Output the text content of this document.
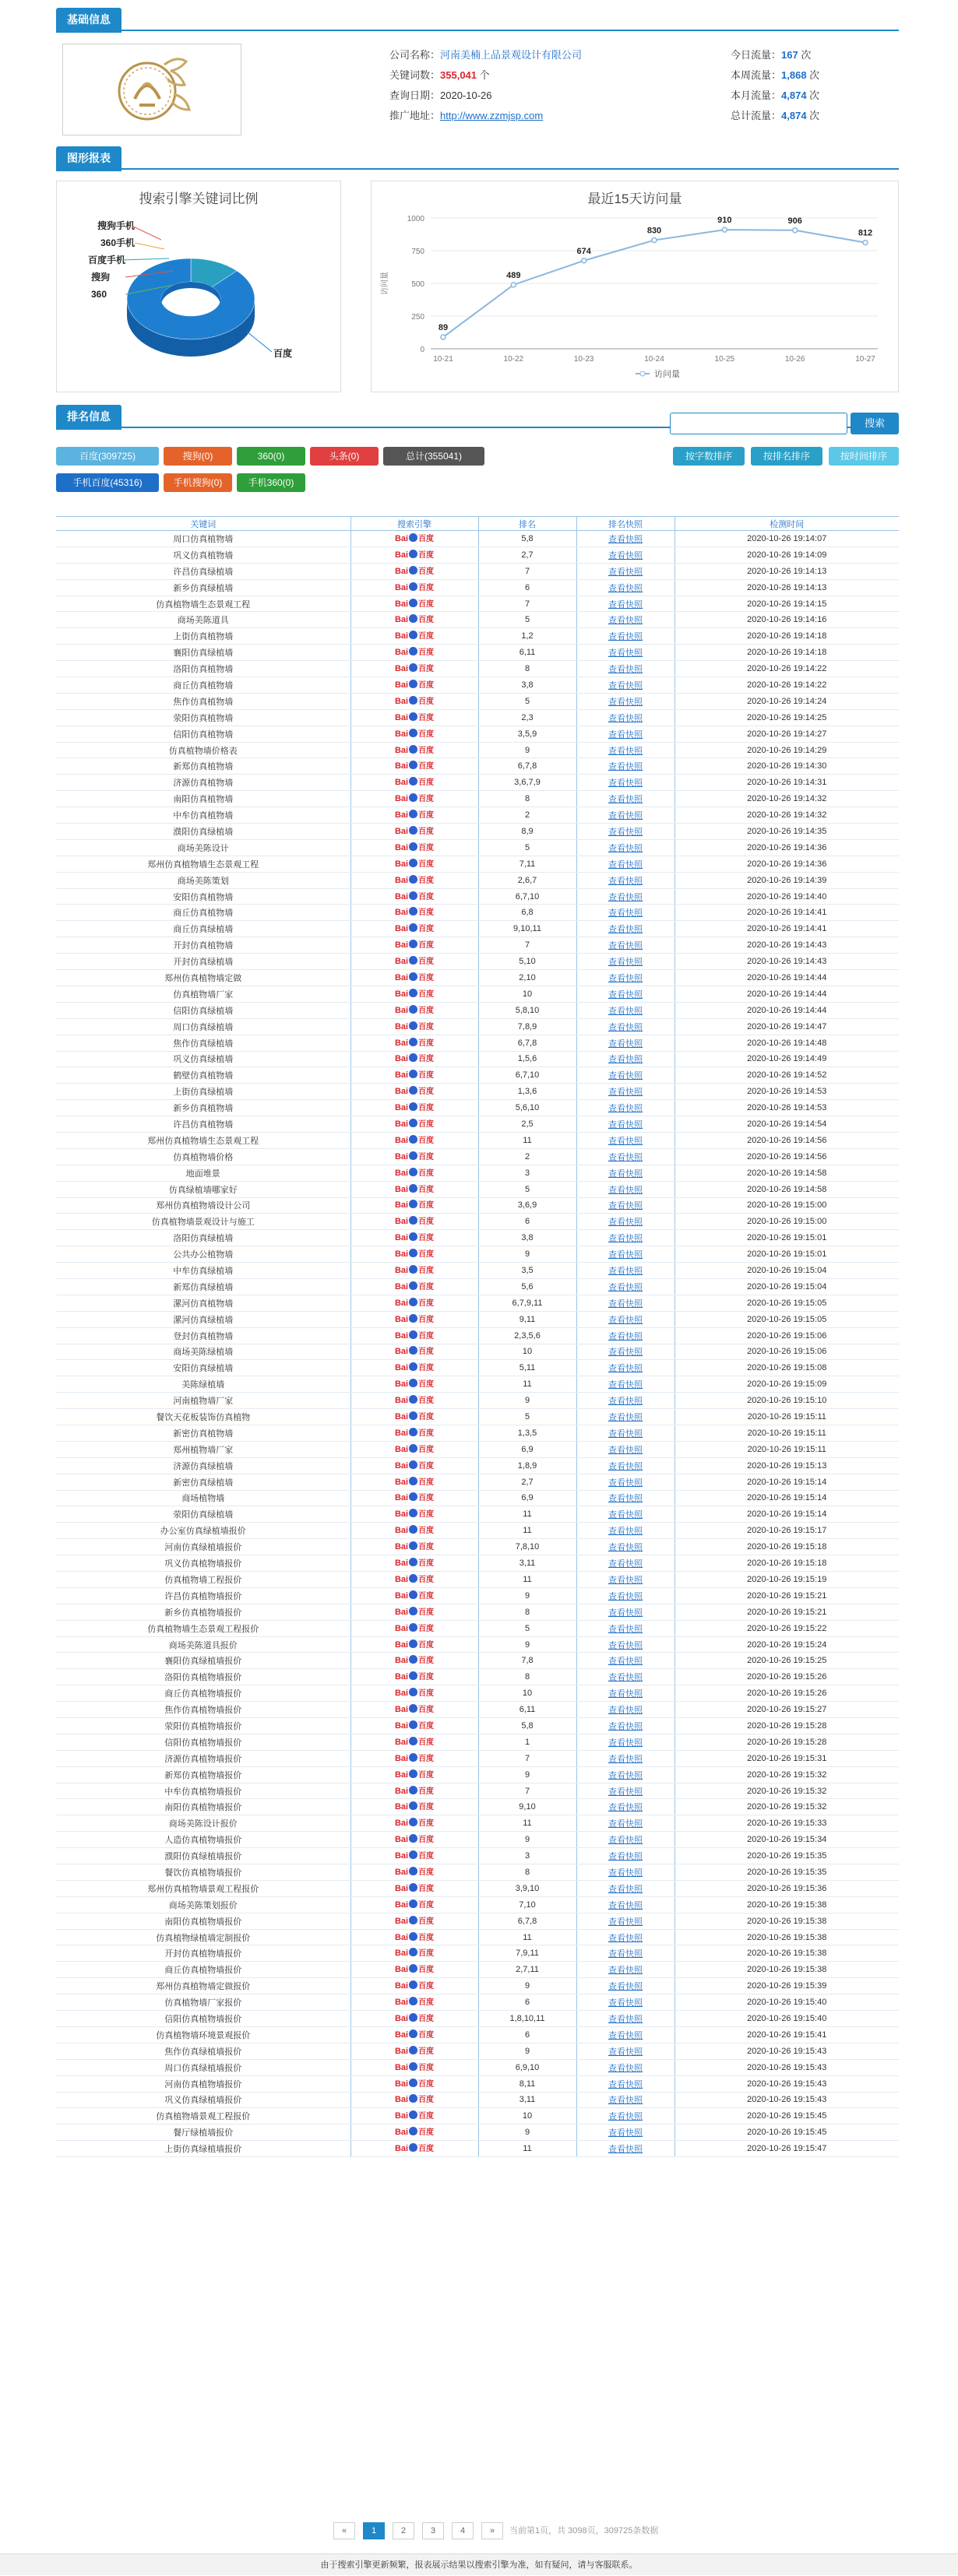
基础信息
公司名称：河南美楠上品景观设计有限公司
关键词数：355,041 个
查询日期：2020-10-26
推广地址：http://www.zzmjsp.com
今日流量：167 次
本周流量：1,868 次
本月流量：4,874 次
总计流量：4,874 次
图形报表
搜索引擎关键词比例
搜狗手机
360手机
百度手机
搜狗
360
百度
最近15天访问量
0
250
500
750
1000
访问量
10-21	10-22	10-23	10-24	10-25	10-26	10-27
89
489
674
830
910	906
812
访问量
排名信息
搜索
百度(309725)	搜狗(0)	360(0)	头条(0)	总计(355041)
手机百度(45316)	手机搜狗(0)	手机360(0)
按字数排序	按排名排序	按时间排序
关键词	搜索引擎	排名	排名快照	检测时间
周口仿真植物墙	Bai 百度	5,8	查看快照	2020-10-26 19:14:07
巩义仿真植物墙	Bai 百度	2,7	查看快照	2020-10-26 19:14:09
许昌仿真绿植墙	Bai 百度	7	查看快照	2020-10-26 19:14:13
新乡仿真绿植墙	Bai 百度	6	查看快照	2020-10-26 19:14:13
仿真植物墙生态景观工程	Bai 百度	7	查看快照	2020-10-26 19:14:15
商场美陈道具	Bai 百度	5	查看快照	2020-10-26 19:14:16
上街仿真植物墙	Bai 百度	1,2	查看快照	2020-10-26 19:14:18
襄阳仿真绿植墙	Bai 百度	6,11	查看快照	2020-10-26 19:14:18
洛阳仿真植物墙	Bai 百度	8	查看快照	2020-10-26 19:14:22
商丘仿真植物墙	Bai 百度	3,8	查看快照	2020-10-26 19:14:22
焦作仿真植物墙	Bai 百度	5	查看快照	2020-10-26 19:14:24
荥阳仿真植物墙	Bai 百度	2,3	查看快照	2020-10-26 19:14:25
信阳仿真植物墙	Bai 百度	3,5,9	查看快照	2020-10-26 19:14:27
仿真植物墙价格表	Bai 百度	9	查看快照	2020-10-26 19:14:29
新郑仿真植物墙	Bai 百度	6,7,8	查看快照	2020-10-26 19:14:30
济源仿真植物墙	Bai 百度	3,6,7,9	查看快照	2020-10-26 19:14:31
南阳仿真植物墙	Bai 百度	8	查看快照	2020-10-26 19:14:32
中牟仿真植物墙	Bai 百度	2	查看快照	2020-10-26 19:14:32
濮阳仿真绿植墙	Bai 百度	8,9	查看快照	2020-10-26 19:14:35
商场美陈设计	Bai 百度	5	查看快照	2020-10-26 19:14:36
郑州仿真植物墙生态景观工程	Bai 百度	7,11	查看快照	2020-10-26 19:14:36
商场美陈策划	Bai 百度	2,6,7	查看快照	2020-10-26 19:14:39
安阳仿真植物墙	Bai 百度	6,7,10	查看快照	2020-10-26 19:14:40
商丘仿真植物墙	Bai 百度	6,8	查看快照	2020-10-26 19:14:41
商丘仿真绿植墙	Bai 百度	9,10,11	查看快照	2020-10-26 19:14:41
开封仿真植物墙	Bai 百度	7	查看快照	2020-10-26 19:14:43
开封仿真绿植墙	Bai 百度	5,10	查看快照	2020-10-26 19:14:43
郑州仿真植物墙定做	Bai 百度	2,10	查看快照	2020-10-26 19:14:44
仿真植物墙厂家	Bai 百度	10	查看快照	2020-10-26 19:14:44
信阳仿真绿植墙	Bai 百度	5,8,10	查看快照	2020-10-26 19:14:44
周口仿真绿植墙	Bai 百度	7,8,9	查看快照	2020-10-26 19:14:47
焦作仿真绿植墙	Bai 百度	6,7,8	查看快照	2020-10-26 19:14:48
巩义仿真绿植墙	Bai 百度	1,5,6	查看快照	2020-10-26 19:14:49
鹤壁仿真植物墙	Bai 百度	6,7,10	查看快照	2020-10-26 19:14:52
上街仿真绿植墙	Bai 百度	1,3,6	查看快照	2020-10-26 19:14:53
新乡仿真植物墙	Bai 百度	5,6,10	查看快照	2020-10-26 19:14:53
许昌仿真植物墙	Bai 百度	2,5	查看快照	2020-10-26 19:14:54
郑州仿真植物墙生态景观工程	Bai 百度	11	查看快照	2020-10-26 19:14:56
仿真植物墙价格	Bai 百度	2	查看快照	2020-10-26 19:14:56
地面堆景	Bai 百度	3	查看快照	2020-10-26 19:14:58
仿真绿植墙哪家好	Bai 百度	5	查看快照	2020-10-26 19:14:58
郑州仿真植物墙设计公司	Bai 百度	3,6,9	查看快照	2020-10-26 19:15:00
仿真植物墙景观设计与施工	Bai 百度	6	查看快照	2020-10-26 19:15:00
洛阳仿真绿植墙	Bai 百度	3,8	查看快照	2020-10-26 19:15:01
公共办公植物墙	Bai 百度	9	查看快照	2020-10-26 19:15:01
中牟仿真绿植墙	Bai 百度	3,5	查看快照	2020-10-26 19:15:04
新郑仿真绿植墙	Bai 百度	5,6	查看快照	2020-10-26 19:15:04
漯河仿真植物墙	Bai 百度	6,7,9,11	查看快照	2020-10-26 19:15:05
漯河仿真绿植墙	Bai 百度	9,11	查看快照	2020-10-26 19:15:05
登封仿真植物墙	Bai 百度	2,3,5,6	查看快照	2020-10-26 19:15:06
商场美陈绿植墙	Bai 百度	10	查看快照	2020-10-26 19:15:06
安阳仿真绿植墙	Bai 百度	5,11	查看快照	2020-10-26 19:15:08
美陈绿植墙	Bai 百度	11	查看快照	2020-10-26 19:15:09
河南植物墙厂家	Bai 百度	9	查看快照	2020-10-26 19:15:10
餐饮天花板装饰仿真植物	Bai 百度	5	查看快照	2020-10-26 19:15:11
新密仿真植物墙	Bai 百度	1,3,5	查看快照	2020-10-26 19:15:11
郑州植物墙厂家	Bai 百度	6,9	查看快照	2020-10-26 19:15:11
济源仿真绿植墙	Bai 百度	1,8,9	查看快照	2020-10-26 19:15:13
新密仿真绿植墙	Bai 百度	2,7	查看快照	2020-10-26 19:15:14
商场植物墙	Bai 百度	6,9	查看快照	2020-10-26 19:15:14
荥阳仿真绿植墙	Bai 百度	11	查看快照	2020-10-26 19:15:14
办公室仿真绿植墙报价	Bai 百度	11	查看快照	2020-10-26 19:15:17
河南仿真绿植墙报价	Bai 百度	7,8,10	查看快照	2020-10-26 19:15:18
巩义仿真植物墙报价	Bai 百度	3,11	查看快照	2020-10-26 19:15:18
仿真植物墙工程报价	Bai 百度	11	查看快照	2020-10-26 19:15:19
许昌仿真植物墙报价	Bai 百度	9	查看快照	2020-10-26 19:15:21
新乡仿真植物墙报价	Bai 百度	8	查看快照	2020-10-26 19:15:21
仿真植物墙生态景观工程报价	Bai 百度	5	查看快照	2020-10-26 19:15:22
商场美陈道具报价	Bai 百度	9	查看快照	2020-10-26 19:15:24
襄阳仿真绿植墙报价	Bai 百度	7,8	查看快照	2020-10-26 19:15:25
洛阳仿真植物墙报价	Bai 百度	8	查看快照	2020-10-26 19:15:26
商丘仿真植物墙报价	Bai 百度	10	查看快照	2020-10-26 19:15:26
焦作仿真植物墙报价	Bai 百度	6,11	查看快照	2020-10-26 19:15:27
荥阳仿真植物墙报价	Bai 百度	5,8	查看快照	2020-10-26 19:15:28
信阳仿真植物墙报价	Bai 百度	1	查看快照	2020-10-26 19:15:28
济源仿真植物墙报价	Bai 百度	7	查看快照	2020-10-26 19:15:31
新郑仿真植物墙报价	Bai 百度	9	查看快照	2020-10-26 19:15:32
中牟仿真植物墙报价	Bai 百度	7	查看快照	2020-10-26 19:15:32
南阳仿真植物墙报价	Bai 百度	9,10	查看快照	2020-10-26 19:15:32
商场美陈设计报价	Bai 百度	11	查看快照	2020-10-26 19:15:33
人造仿真植物墙报价	Bai 百度	9	查看快照	2020-10-26 19:15:34
濮阳仿真绿植墙报价	Bai 百度	3	查看快照	2020-10-26 19:15:35
餐饮仿真植物墙报价	Bai 百度	8	查看快照	2020-10-26 19:15:35
郑州仿真植物墙景观工程报价	Bai 百度	3,9,10	查看快照	2020-10-26 19:15:36
商场美陈策划报价	Bai 百度	7,10	查看快照	2020-10-26 19:15:38
南阳仿真植物墙报价	Bai 百度	6,7,8	查看快照	2020-10-26 19:15:38
仿真植物绿植墙定制报价	Bai 百度	11	查看快照	2020-10-26 19:15:38
开封仿真植物墙报价	Bai 百度	7,9,11	查看快照	2020-10-26 19:15:38
商丘仿真植物墙报价	Bai 百度	2,7,11	查看快照	2020-10-26 19:15:38
郑州仿真植物墙定做报价	Bai 百度	9	查看快照	2020-10-26 19:15:39
仿真植物墙厂家报价	Bai 百度	6	查看快照	2020-10-26 19:15:40
信阳仿真植物墙报价	Bai 百度	1,8,10,11	查看快照	2020-10-26 19:15:40
仿真植物墙环境景观报价	Bai 百度	6	查看快照	2020-10-26 19:15:41
焦作仿真绿植墙报价	Bai 百度	9	查看快照	2020-10-26 19:15:43
周口仿真绿植墙报价	Bai 百度	6,9,10	查看快照	2020-10-26 19:15:43
河南仿真植物墙报价	Bai 百度	8,11	查看快照	2020-10-26 19:15:43
巩义仿真绿植墙报价	Bai 百度	3,11	查看快照	2020-10-26 19:15:43
仿真植物墙景观工程报价	Bai 百度	10	查看快照	2020-10-26 19:15:45
餐厅绿植墙报价	Bai 百度	9	查看快照	2020-10-26 19:15:45
上街仿真绿植墙报价	Bai 百度	11	查看快照	2020-10-26 19:15:47
«	1	2	3	4	»	当前第1页，共 3098页，309725条数据
由于搜索引擎更新频繁，报表展示结果以搜索引擎为准，如有疑问，请与客服联系。
